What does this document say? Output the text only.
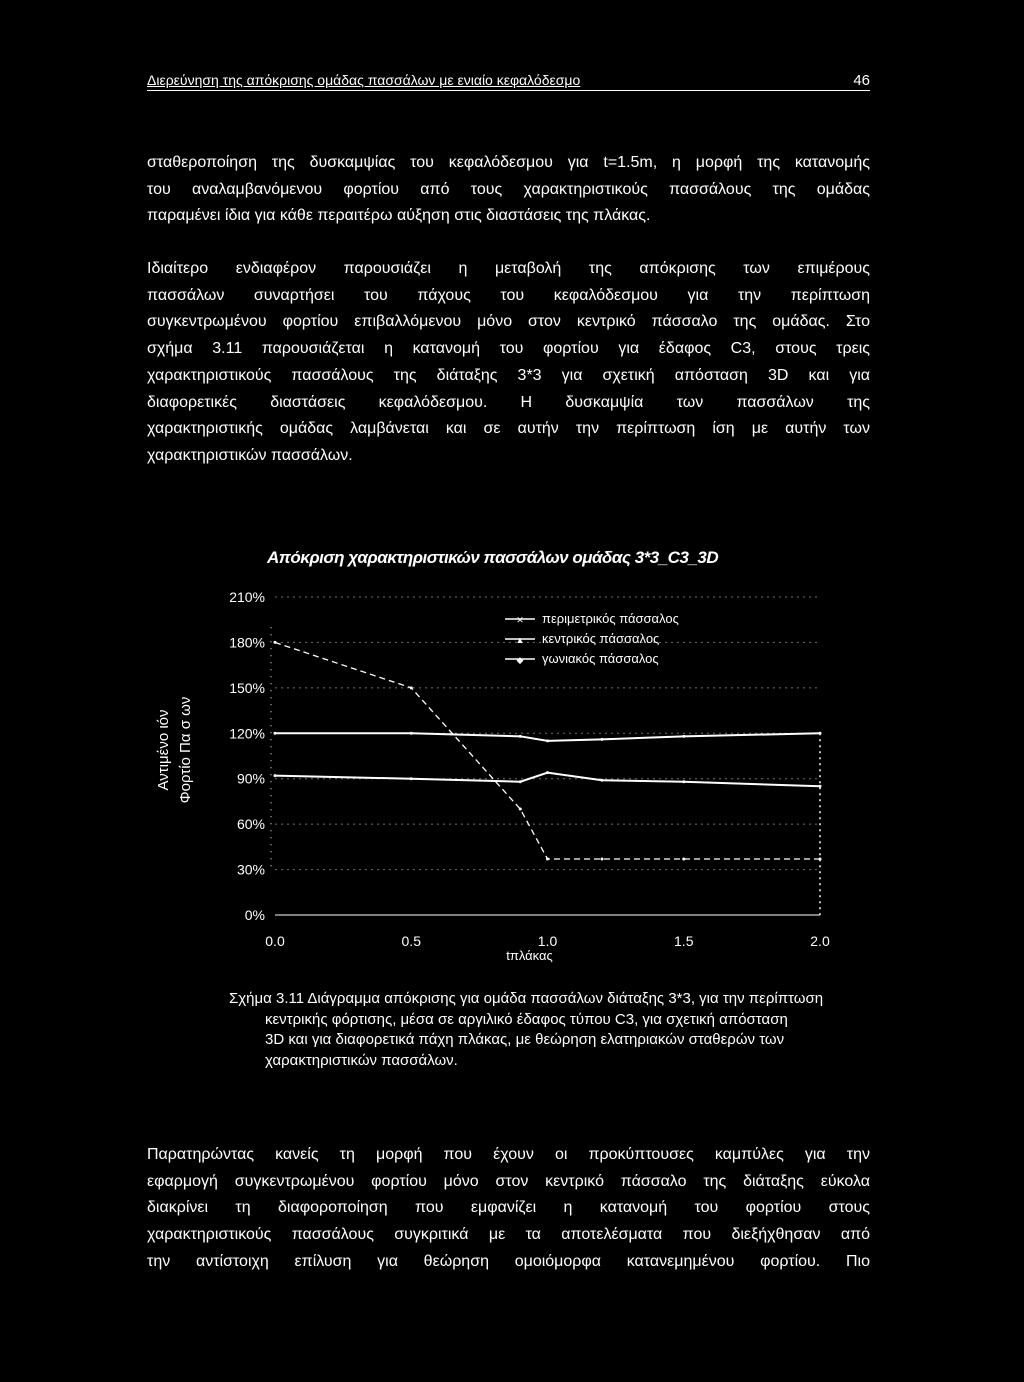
Διερεύνηση της απόκρισης ομάδας πασσάλων με ενιαίο κεφαλόδεσμο	46

σταθεροποίηση της δυσκαμψίας του κεφαλόδεσμου για t=1.5m, η μορφή της κατανομής
του αναλαμβανόμενου φορτίου από τους χαρακτηριστικούς πασσάλους της ομάδας
παραμένει ίδια για κάθε περαιτέρω αύξηση στις διαστάσεις της πλάκας.

Ιδιαίτερο ενδιαφέρον παρουσιάζει η μεταβολή της απόκρισης των επιμέρους
πασσάλων συναρτήσει του πάχους του κεφαλόδεσμου για την περίπτωση
συγκεντρωμένου φορτίου επιβαλλόμενου μόνο στον κεντρικό πάσσαλο της ομάδας. Στο
σχήμα 3.11 παρουσιάζεται η κατανομή του φορτίου για έδαφος C3, στους τρεις
χαρακτηριστικούς πασσάλους της διάταξης 3*3 για σχετική απόσταση 3D και για
διαφορετικές διαστάσεις κεφαλόδεσμου. Η δυσκαμψία των πασσάλων της
χαρακτηριστικής ομάδας λαμβάνεται και σε αυτήν την περίπτωση ίση με αυτήν των
χαρακτηριστικών πασσάλων.

Απόκριση χαρακτηριστικών πασσάλων ομάδας 3*3_C3_3D
0%
30%
60%
90%
120%
150%
180%
210%
0.0	0.5	1.0	1.5	2.0
tπλάκας
Αντιμένο ιόν Φορτίο Πα σ ων
✕ περιμετρικός πάσσαλος
▲ κεντρικός πάσσαλος
◆ γωνιακός πάσσαλος
Σχήμα 3.11 Διάγραμμα απόκρισης για ομάδα πασσάλων διάταξης 3*3, για την περίπτωση
κεντρικής φόρτισης, μέσα σε αργιλικό έδαφος τύπου C3, για σχετική απόσταση
3D και για διαφορετικά πάχη πλάκας, με θεώρηση ελατηριακών σταθερών των
χαρακτηριστικών πασσάλων.

Παρατηρώντας κανείς τη μορφή που έχουν οι προκύπτουσες καμπύλες για την
εφαρμογή συγκεντρωμένου φορτίου μόνο στον κεντρικό πάσσαλο της διάταξης εύκολα
διακρίνει τη διαφοροποίηση που εμφανίζει η κατανομή του φορτίου στους
χαρακτηριστικούς πασσάλους συγκριτικά με τα αποτελέσματα που διεξήχθησαν από
την αντίστοιχη επίλυση για θεώρηση ομοιόμορφα κατανεμημένου φορτίου. Πιο
